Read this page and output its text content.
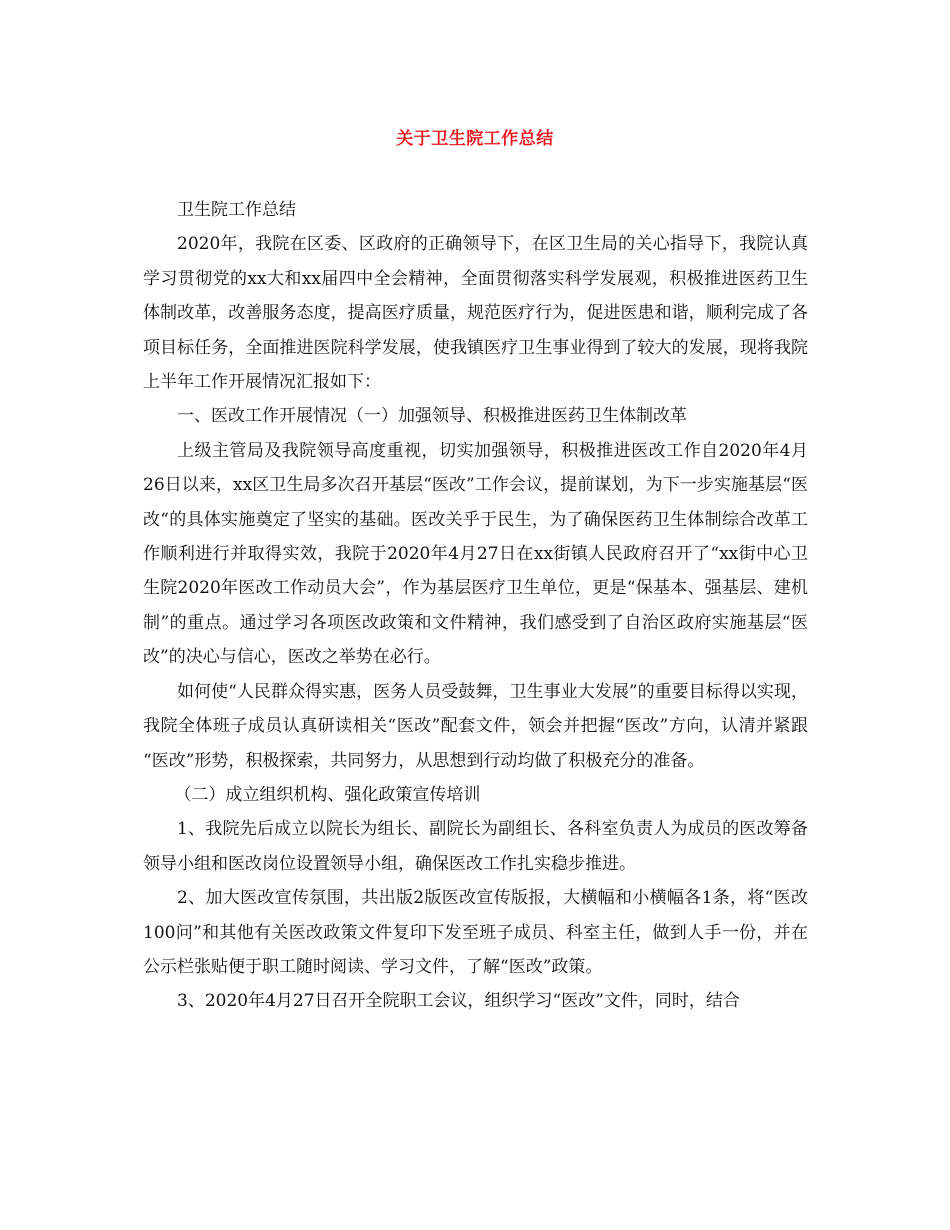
关于卫生院工作总结

卫生院工作总结

2020年，我院在区委、区政府的正确领导下，在区卫生局的关心指导下，我院认真学习贯彻党的xx大和xx届四中全会精神，全面贯彻落实科学发展观，积极推进医药卫生体制改革，改善服务态度，提高医疗质量，规范医疗行为，促进医患和谐，顺利完成了各项目标任务，全面推进医院科学发展，使我镇医疗卫生事业得到了较大的发展，现将我院上半年工作开展情况汇报如下：

一、医改工作开展情况（一）加强领导、积极推进医药卫生体制改革

上级主管局及我院领导高度重视，切实加强领导，积极推进医改工作自2020年4月26日以来，xx区卫生局多次召开基层“医改”工作会议，提前谋划，为下一步实施基层“医改“的具体实施奠定了坚实的基础。医改关乎于民生，为了确保医药卫生体制综合改革工作顺利进行并取得实效，我院于2020年4月27日在xx街镇人民政府召开了“xx街中心卫生院2020年医改工作动员大会”，作为基层医疗卫生单位，更是“保基本、强基层、建机制”的重点。通过学习各项医改政策和文件精神，我们感受到了自治区政府实施基层“医改”的决心与信心，医改之举势在必行。

如何使“人民群众得实惠，医务人员受鼓舞，卫生事业大发展”的重要目标得以实现，我院全体班子成员认真研读相关“医改”配套文件，领会并把握“医改”方向，认清并紧跟 “医改”形势，积极探索，共同努力，从思想到行动均做了积极充分的准备。

（二）成立组织机构、强化政策宣传培训

1、我院先后成立以院长为组长、副院长为副组长、各科室负责人为成员的医改筹备领导小组和医改岗位设置领导小组，确保医改工作扎实稳步推进。

2、加大医改宣传氛围，共出版2版医改宣传版报，大横幅和小横幅各1条，将“医改100问”和其他有关医改政策文件复印下发至班子成员、科室主任，做到人手一份，并在公示栏张贴便于职工随时阅读、学习文件，了解“医改”政策。

3、2020年4月27日召开全院职工会议，组织学习“医改”文件，同时，结合
